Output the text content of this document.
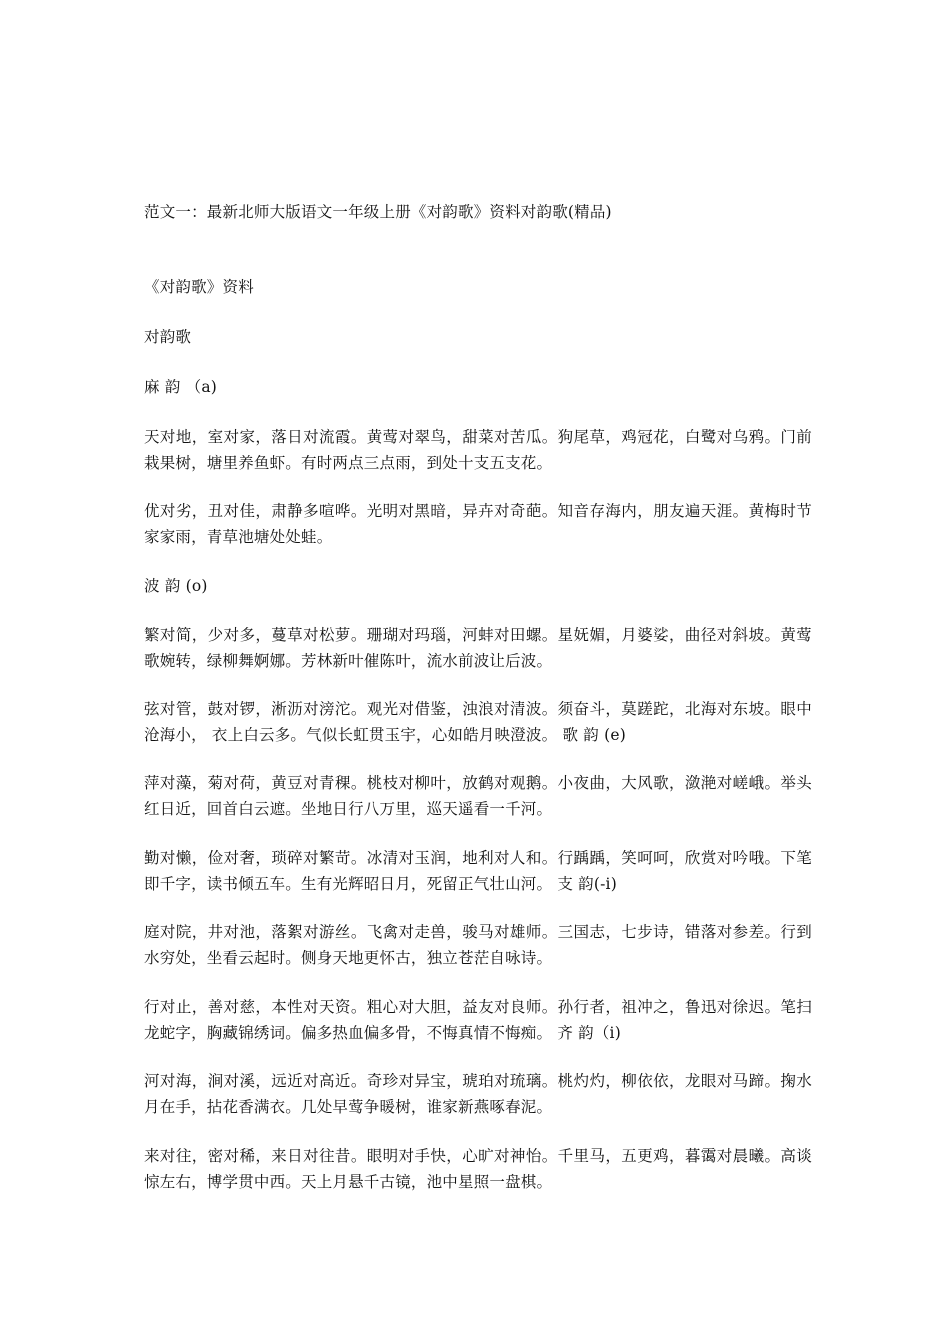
范文一：最新北师大版语文一年级上册《对韵歌》资料对韵歌(精品)
《对韵歌》资料
对韵歌
麻 韵 （a)
天对地，室对家，落日对流霞。黄莺对翠鸟，甜菜对苦瓜。狗尾草，鸡冠花，白鹭对乌鸦。门前栽果树，塘里养鱼虾。有时两点三点雨，到处十支五支花。
优对劣，丑对佳，肃静多喧哗。光明对黑暗，异卉对奇葩。知音存海内，朋友遍天涯。黄梅时节家家雨，青草池塘处处蛙。
波 韵 (o)
繁对简，少对多，蔓草对松萝。珊瑚对玛瑙，河蚌对田螺。星妩媚，月婆娑，曲径对斜坡。黄莺歌婉转，绿柳舞婀娜。芳林新叶催陈叶，流水前波让后波。
弦对管，鼓对锣，淅沥对滂沱。观光对借鉴，浊浪对清波。须奋斗，莫蹉跎，北海对东坡。眼中沧海小， 衣上白云多。气似长虹贯玉宇，心如皓月映澄波。 歌 韵 (e)
萍对藻，菊对荷，黄豆对青稞。桃枝对柳叶，放鹤对观鹅。小夜曲，大风歌，潋滟对嵯峨。举头红日近，回首白云遮。坐地日行八万里，巡天遥看一千河。
勤对懒，俭对奢，琐碎对繁苛。冰清对玉润，地利对人和。行踽踽，笑呵呵，欣赏对吟哦。下笔即千字，读书倾五车。生有光辉昭日月，死留正气壮山河。 支 韵(-i)
庭对院，井对池，落絮对游丝。飞禽对走兽，骏马对雄师。三国志，七步诗，错落对参差。行到水穷处，坐看云起时。侧身天地更怀古，独立苍茫自咏诗。
行对止，善对慈，本性对天资。粗心对大胆，益友对良师。孙行者，祖冲之，鲁迅对徐迟。笔扫龙蛇字，胸藏锦绣词。偏多热血偏多骨，不悔真情不悔痴。 齐 韵（i)
河对海，涧对溪，远近对高近。奇珍对异宝，琥珀对琉璃。桃灼灼，柳依依，龙眼对马蹄。掬水月在手，拈花香满衣。几处早莺争暖树，谁家新燕啄春泥。
来对往，密对稀，来日对往昔。眼明对手快，心旷对神怡。千里马，五更鸡，暮霭对晨曦。高谈惊左右，博学贯中西。天上月悬千古镜，池中星照一盘棋。
